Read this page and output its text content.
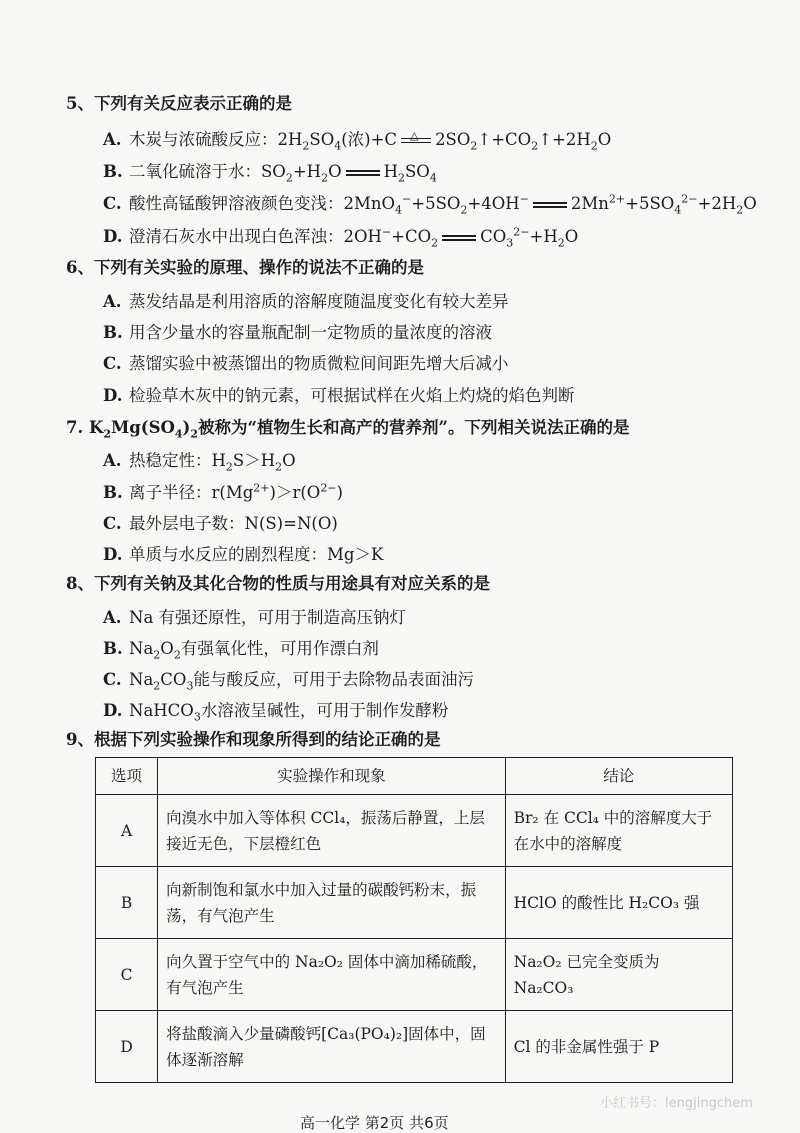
5、下列有关反应表示正确的是
A. 木炭与浓硫酸反应：$2H_2SO_4$(浓)+C △ $2SO_2↑+CO_2↑+2H_2O$
B. 二氧化硫溶于水：$SO_2+H_2O$	$H_2SO_4$
C. 酸性高锰酸钾溶液颜色变浅：$2MnO_4^-+5SO_2+4OH^-$	$2Mn^{2+}+5SO_4^{2-}+2H_2O$
D. 澄清石灰水中出现白色浑浊：$2OH^-+CO_2$	$CO_3^{2-}+H_2O$
6、下列有关实验的原理、操作的说法不正确的是
A. 蒸发结晶是利用溶质的溶解度随温度变化有较大差异
B. 用含少量水的容量瓶配制一定物质的量浓度的溶液
C. 蒸馏实验中被蒸馏出的物质微粒间间距先增大后减小
D. 检验草木灰中的钠元素，可根据试样在火焰上灼烧的焰色判断
7. $K_2Mg(SO_4)_2$被称为“植物生长和高产的营养剂”。下列相关说法正确的是
A. 热稳定性：$H_2S>H_2O$
B. 离子半径：$r(Mg^{2+})>r(O^{2-})$
C. 最外层电子数：N(S)=N(O)
D. 单质与水反应的剧烈程度：Mg＞K
8、下列有关钠及其化合物的性质与用途具有对应关系的是
A. Na 有强还原性，可用于制造高压钠灯
B. $Na_2O_2$有强氧化性，可用作漂白剂
C. $Na_2CO_3$能与酸反应，可用于去除物品表面油污
D. NaHCO$_3$水溶液呈碱性，可用于制作发酵粉
9、根据下列实验操作和现象所得到的结论正确的是
选项	实验操作和现象	结论
A	向溴水中加入等体积 CCl₄，振荡后静置，上层接近无色，下层橙红色	Br₂ 在 CCl₄ 中的溶解度大于在水中的溶解度
B	向新制饱和氯水中加入过量的碳酸钙粉末，振荡，有气泡产生	HClO 的酸性比 H₂CO₃ 强
C	向久置于空气中的 Na₂O₂ 固体中滴加稀硫酸，有气泡产生	Na₂O₂ 已完全变质为 Na₂CO₃
D	将盐酸滴入少量磷酸钙[Ca₃(PO₄)₂]固体中，固体逐渐溶解	Cl 的非金属性强于 P
小红书号：lengjingchem
高一化学 第2页 共6页
